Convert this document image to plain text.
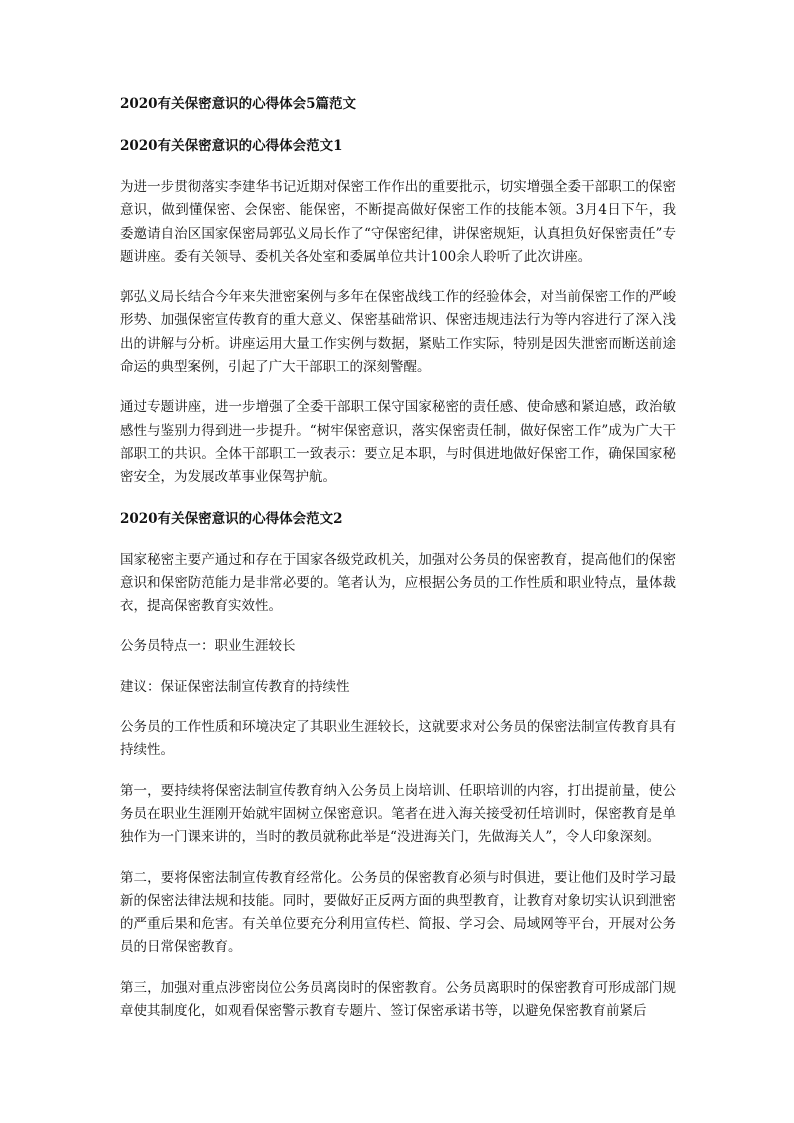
2020有关保密意识的心得体会5篇范文
2020有关保密意识的心得体会范文1

为进一步贯彻落实李建华书记近期对保密工作作出的重要批示，切实增强全委干部职工的保密意识，做到懂保密、会保密、能保密，不断提高做好保密工作的技能本领。3月4日下午，我委邀请自治区国家保密局郭弘义局长作了“守保密纪律，讲保密规矩，认真担负好保密责任”专题讲座。委有关领导、委机关各处室和委属单位共计100余人聆听了此次讲座。

郭弘义局长结合今年来失泄密案例与多年在保密战线工作的经验体会，对当前保密工作的严峻形势、加强保密宣传教育的重大意义、保密基础常识、保密违规违法行为等内容进行了深入浅出的讲解与分析。讲座运用大量工作实例与数据，紧贴工作实际，特别是因失泄密而断送前途命运的典型案例，引起了广大干部职工的深刻警醒。

通过专题讲座，进一步增强了全委干部职工保守国家秘密的责任感、使命感和紧迫感，政治敏感性与鉴别力得到进一步提升。“树牢保密意识，落实保密责任制，做好保密工作”成为广大干部职工的共识。全体干部职工一致表示：要立足本职，与时俱进地做好保密工作，确保国家秘密安全，为发展改革事业保驾护航。

2020有关保密意识的心得体会范文2

国家秘密主要产通过和存在于国家各级党政机关，加强对公务员的保密教育，提高他们的保密意识和保密防范能力是非常必要的。笔者认为，应根据公务员的工作性质和职业特点，量体裁衣，提高保密教育实效性。

公务员特点一：职业生涯较长

建议：保证保密法制宣传教育的持续性

公务员的工作性质和环境决定了其职业生涯较长，这就要求对公务员的保密法制宣传教育具有持续性。

第一，要持续将保密法制宣传教育纳入公务员上岗培训、任职培训的内容，打出提前量，使公务员在职业生涯刚开始就牢固树立保密意识。笔者在进入海关接受初任培训时，保密教育是单独作为一门课来讲的，当时的教员就称此举是“没进海关门，先做海关人”，令人印象深刻。

第二，要将保密法制宣传教育经常化。公务员的保密教育必须与时俱进，要让他们及时学习最新的保密法律法规和技能。同时，要做好正反两方面的典型教育，让教育对象切实认识到泄密的严重后果和危害。有关单位要充分利用宣传栏、简报、学习会、局域网等平台，开展对公务员的日常保密教育。

第三，加强对重点涉密岗位公务员离岗时的保密教育。公务员离职时的保密教育可形成部门规章使其制度化，如观看保密警示教育专题片、签订保密承诺书等，以避免保密教育前紧后
